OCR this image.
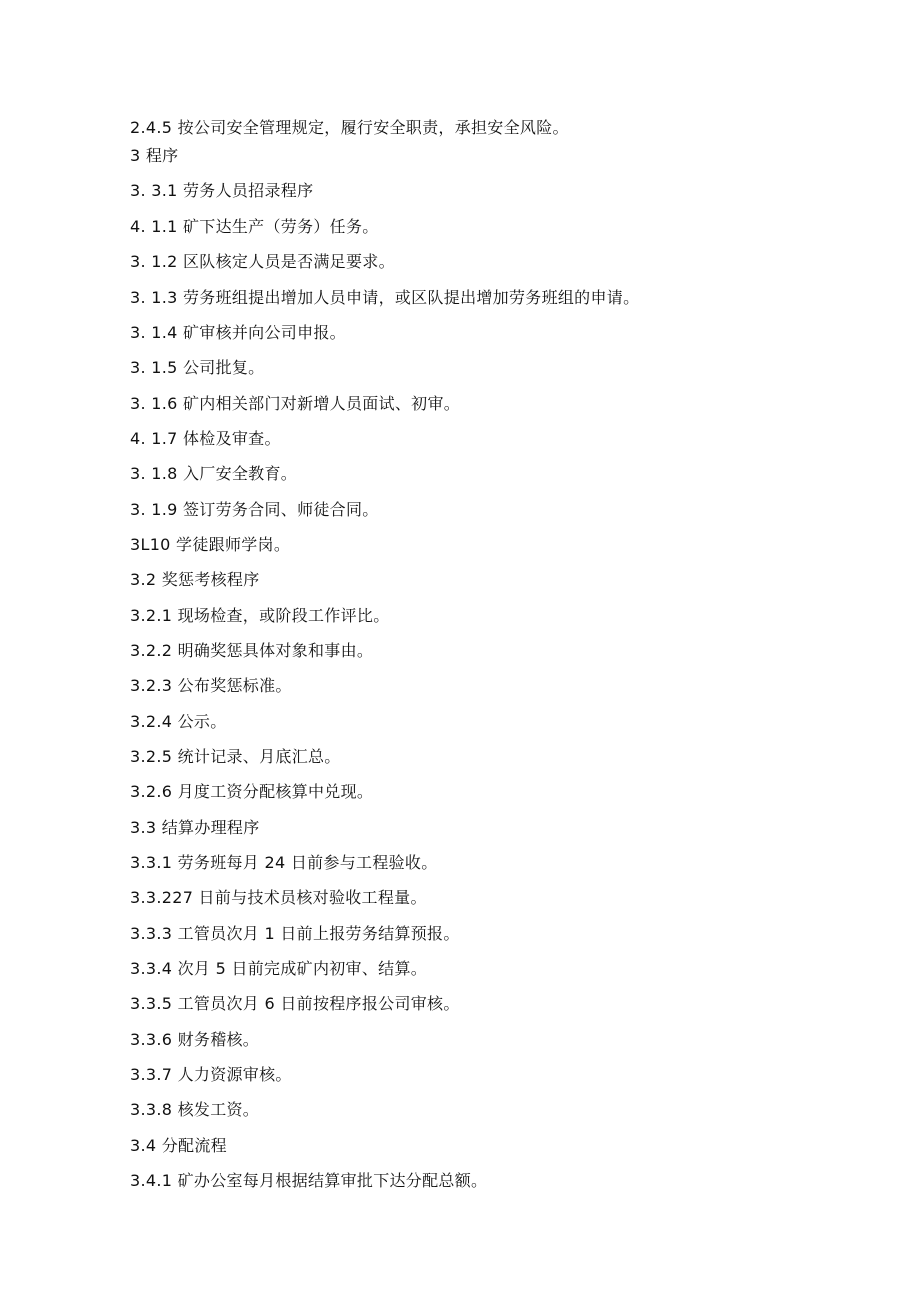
2.4.5 按公司安全管理规定，履行安全职责，承担安全风险。
3 程序
3. 3.1 劳务人员招录程序
4. 1.1 矿下达生产（劳务）任务。
3. 1.2 区队核定人员是否满足要求。
3. 1.3 劳务班组提出增加人员申请，或区队提出增加劳务班组的申请。
3. 1.4 矿审核并向公司申报。
3. 1.5 公司批复。
3. 1.6 矿内相关部门对新增人员面试、初审。
4. 1.7 体检及审查。
3. 1.8 入厂安全教育。
3. 1.9 签订劳务合同、师徒合同。
3L10 学徒跟师学岗。
3.2 奖惩考核程序
3.2.1 现场检查，或阶段工作评比。
3.2.2 明确奖惩具体对象和事由。
3.2.3 公布奖惩标准。
3.2.4 公示。
3.2.5 统计记录、月底汇总。
3.2.6 月度工资分配核算中兑现。
3.3 结算办理程序
3.3.1 劳务班每月 24 日前参与工程验收。
3.3.227 日前与技术员核对验收工程量。
3.3.3 工管员次月 1 日前上报劳务结算预报。
3.3.4 次月 5 日前完成矿内初审、结算。
3.3.5 工管员次月 6 日前按程序报公司审核。
3.3.6 财务稽核。
3.3.7 人力资源审核。
3.3.8 核发工资。
3.4 分配流程
3.4.1 矿办公室每月根据结算审批下达分配总额。
